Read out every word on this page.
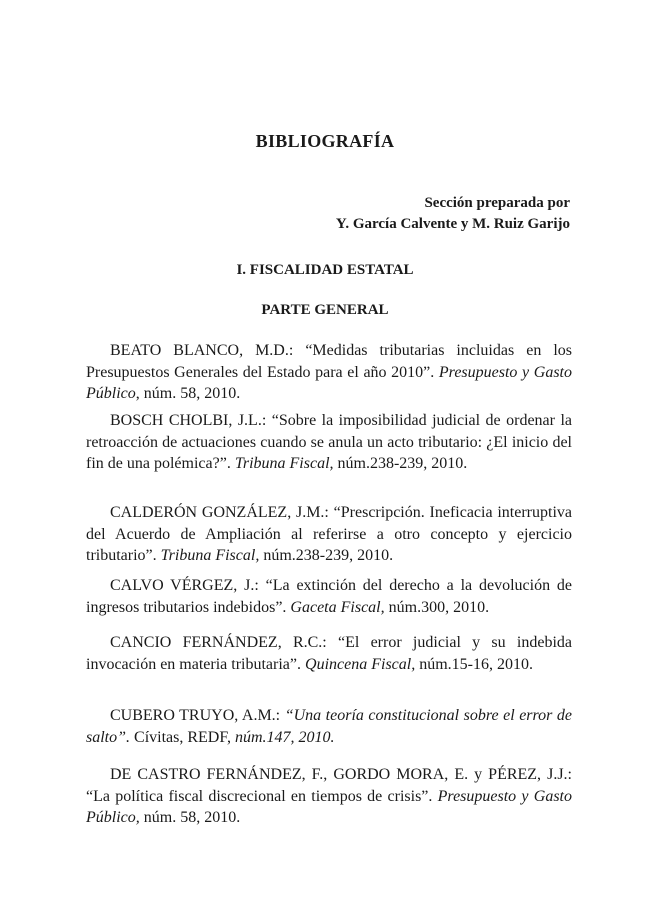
BIBLIOGRAFÍA
Sección preparada por
Y. García Calvente y M. Ruiz Garijo
I. FISCALIDAD ESTATAL
PARTE GENERAL
BEATO BLANCO, M.D.: “Medidas tributarias incluidas en los Presupuestos Generales del Estado para el año 2010”. Presupuesto y Gasto Público, núm. 58, 2010.
BOSCH CHOLBI, J.L.: “Sobre la imposibilidad judicial de ordenar la retroacción de actuaciones cuando se anula un acto tributario: ¿El inicio del fin de una polémica?”. Tribuna Fiscal, núm.238-239, 2010.
CALDERÓN GONZÁLEZ, J.M.: “Prescripción. Ineficacia interruptiva del Acuerdo de Ampliación al referirse a otro concepto y ejercicio tributario”. Tribuna Fiscal, núm.238-239, 2010.
CALVO VÉRGEZ, J.: “La extinción del derecho a la devolución de ingresos tributarios indebidos”. Gaceta Fiscal, núm.300, 2010.
CANCIO FERNÁNDEZ, R.C.: “El error judicial y su indebida invocación en materia tributaria”. Quincena Fiscal, núm.15-16, 2010.
CUBERO TRUYO, A.M.: “Una teoría constitucional sobre el error de salto”. Cívitas, REDF, núm.147, 2010.
DE CASTRO FERNÁNDEZ, F., GORDO MORA, E. y PÉREZ, J.J.: “La política fiscal discrecional en tiempos de crisis”. Presupuesto y Gasto Público, núm. 58, 2010.
